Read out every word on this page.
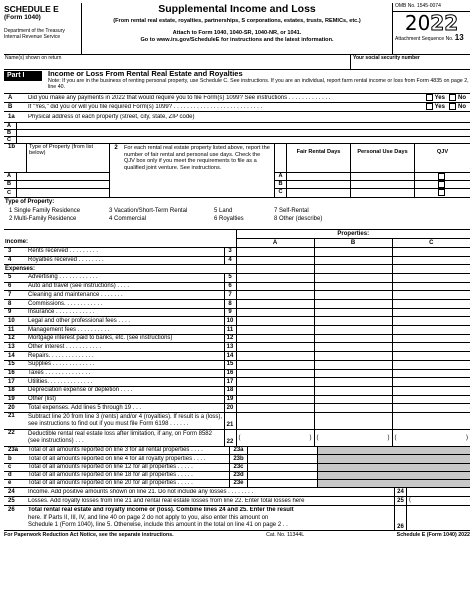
SCHEDULE E
(Form 1040)
Department of the Treasury
Internal Revenue Service
Supplemental Income and Loss
(From rental real estate, royalties, partnerships, S corporations, estates, trusts, REMICs, etc.)
Attach to Form 1040, 1040-SR, 1040-NR, or 1041.
Go to www.irs.gov/ScheduleE for instructions and the latest information.
OMB No. 1545-0074
2022
Attachment Sequence No. 13
Name(s) shown on return	Your social security number
Part I	Income or Loss From Rental Real Estate and Royalties
Note: If you are in the business of renting personal property, use Schedule C. See instructions. If you are an individual, report farm rental income or loss from Form 4835 on page 2, line 40.
A	Did you make any payments in 2022 that would require you to file Form(s) 1099? See instructions . . . . . . . . . . . . .	Yes	No
B	If "Yes," did you or will you file required Form(s) 1099? . . . . . . . . . . . . . . . . . . . . . . . . . . .	Yes	No
1a	Physical address of each property (street, city, state, ZIP code)
A
B
C
1b	Type of Property (from list below)
A
B
C
2	For each rental real estate property listed above, report the number of fair rental and personal use days. Check the QJV box only if you meet the requirements to file as a qualified joint venture. See instructions.
Fair Rental Days	Personal Use Days	QJV
A
B
C
Type of Property:
1 Single Family Residence	3 Vacation/Short-Term Rental	5 Land	7 Self-Rental
2 Multi-Family Residence	4 Commercial	6 Royalties	8 Other (describe)
			Properties:		
Income:			A	B	C
3	Rents received . . . . . . . . .	3			
4	Royalties received . . . . . . . .	4			
Expenses:					
5	Advertising . . . . . . . . . . . .	5			
6	Auto and travel (see instructions) . . . .	6			
7	Cleaning and maintenance . . . . . . .	7			
8	Commissions. . . . . . . . . . . .	8			
9	Insurance . . . . . . . . . . . .	9			
10	Legal and other professional fees . . . .	10			
11	Management fees . . . . . . . . . .	11			
12	Mortgage interest paid to banks, etc. (see instructions)	12			
13	Other interest . . . . . . . . . . .	13			
14	Repairs. . . . . . . . . . . . . .	14			
15	Supplies . . . . . . . . . . . . .	15			
16	Taxes . . . . . . . . . . . . . .	16			
17	Utilities. . . . . . . . . . . . . .	17			
18	Depreciation expense or depletion . . . .	18			
19	Other (list)	19			
20	Total expenses. Add lines 5 through 19 . . .	20			
21	Subtract line 20 from line 3 (rents) and/or 4 (royalties). If result is a (loss), see instructions to find out if you must file Form 6198 . . . . . .	21			
22	Deductible rental real estate loss after limitation, if any, on Form 8582 (see instructions) . . .	22	( )	( )	( )
23a	Total of all amounts reported on line 3 for all rental properties . . . .	23a
b	Total of all amounts reported on line 4 for all royalty properties . . . .	23b
c	Total of all amounts reported on line 12 for all properties . . . . .	23c
d	Total of all amounts reported on line 18 for all properties . . . . .	23d
e	Total of all amounts reported on line 20 for all properties . . . . .	23e
24	Income. Add positive amounts shown on line 21. Do not include any losses . . . . . . . .	24
25	Losses. Add royalty losses from line 21 and rental real estate losses from line 22. Enter total losses here	25 (
26	Total rental real estate and royalty income or (loss). Combine lines 24 and 25. Enter the result
here. If Parts II, III, IV, and line 40 on page 2 do not apply to you, also enter this amount on
Schedule 1 (Form 1040), line 5. Otherwise, include this amount in the total on line 41 on page 2 . .	26
For Paperwork Reduction Act Notice, see the separate instructions.	Cat. No. 11344L	Schedule E (Form 1040) 2022
